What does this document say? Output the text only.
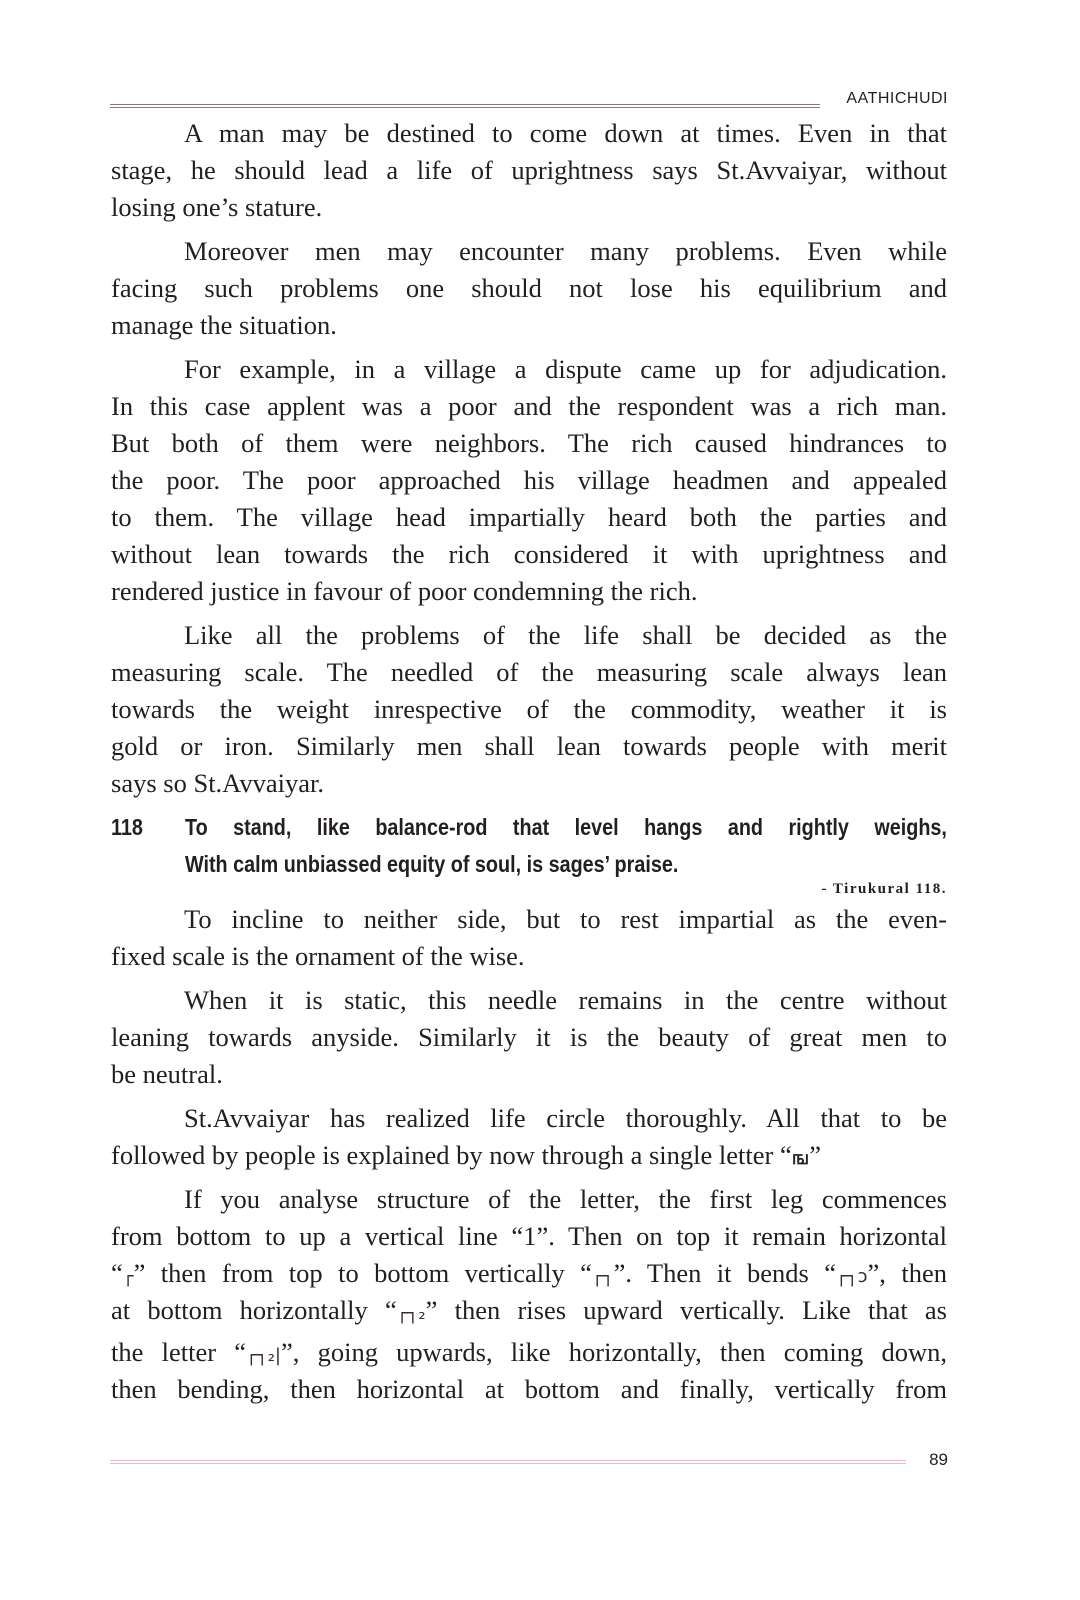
AATHICHUDI
A man may be destined to come down at times. Even in that
stage, he should lead a life of uprightness says St.Avvaiyar, without
losing one’s stature.
Moreover men may encounter many problems. Even while
facing such problems one should not lose his equilibrium and
manage the situation.
For example, in a village a dispute came up for adjudication.
In this case applent was a poor and the respondent was a rich man.
But both of them were neighbors. The rich caused hindrances to
the poor. The poor approached his village headmen and appealed
to them. The village head impartially heard both the parties and
without lean towards the rich considered it with uprightness and
rendered justice in favour of poor condemning the rich.
Like all the problems of the life shall be decided as the
measuring scale. The needled of the measuring scale always lean
towards the weight inrespective of the commodity, weather it is
gold or iron. Similarly men shall lean towards people with merit
says so St.Avvaiyar.
118	To stand, like balance-rod that level hangs and rightly weighs,
With calm unbiassed equity of soul, is sages’ praise.
- Tirukural 118.
To incline to neither side, but to rest impartial as the even-
fixed scale is the ornament of the wise.
When it is static, this needle remains in the centre without
leaning towards anyside. Similarly it is the beauty of great men to
be neutral.
St.Avvaiyar has realized life circle thoroughly. All that to be
followed by people is explained by now through a single letter “ங”
If you analyse structure of the letter, the first leg commences
from bottom to up a vertical line “1”. Then on top it remain horizontal
“┌” then from top to bottom vertically “┌┐”. Then it bends “┌┐ↄ”, then
at bottom horizontally “┌┐₂” then rises upward vertically. Like that as
the letter “┌┐₂|”, going upwards, like horizontally, then coming down,
then bending, then horizontal at bottom and finally, vertically from
89
